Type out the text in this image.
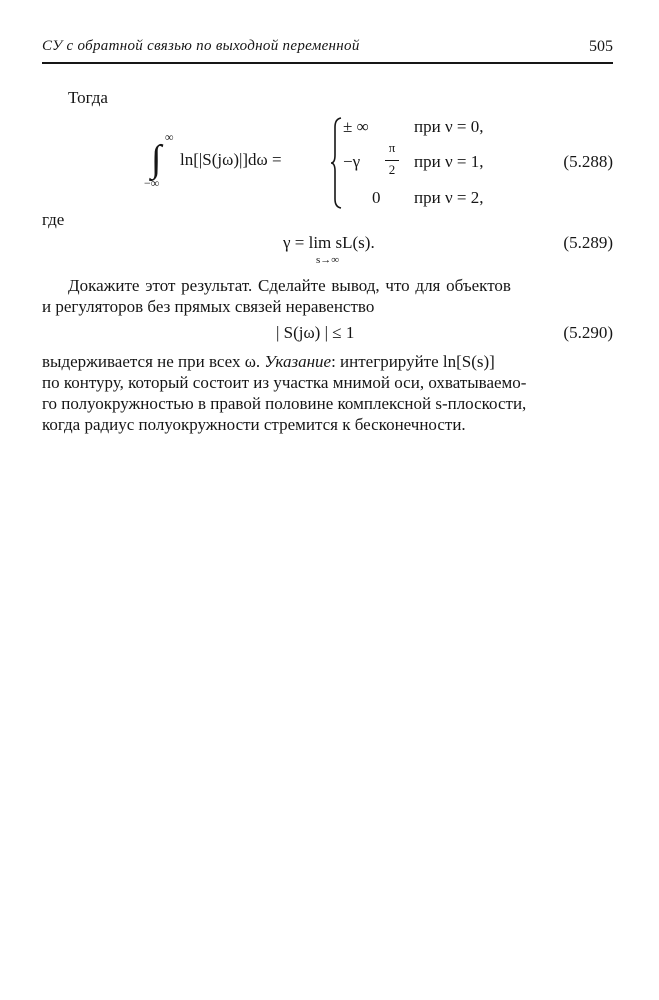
СУ с обратной связью по выходной переменной	505
Тогда
∫
∞
−∞
ln[|S(jω)|]dω =
± ∞	при ν = 0,
−γ
π
2 при ν = 1,
0 при ν = 2,
(5.288)
где
γ = lim sL(s).
s→∞
(5.289)
Докажите этот результат. Сделайте вывод, что для объектов
и регуляторов без прямых связей неравенство
| S(jω) | ≤ 1	(5.290)
выдерживается не при всех ω. Указание: интегрируйте ln[S(s)]
по контуру, который состоит из участка мнимой оси, охватываемо-
го полуокружностью в правой половине комплексной s-плоскости,
когда радиус полуокружности стремится к бесконечности.
